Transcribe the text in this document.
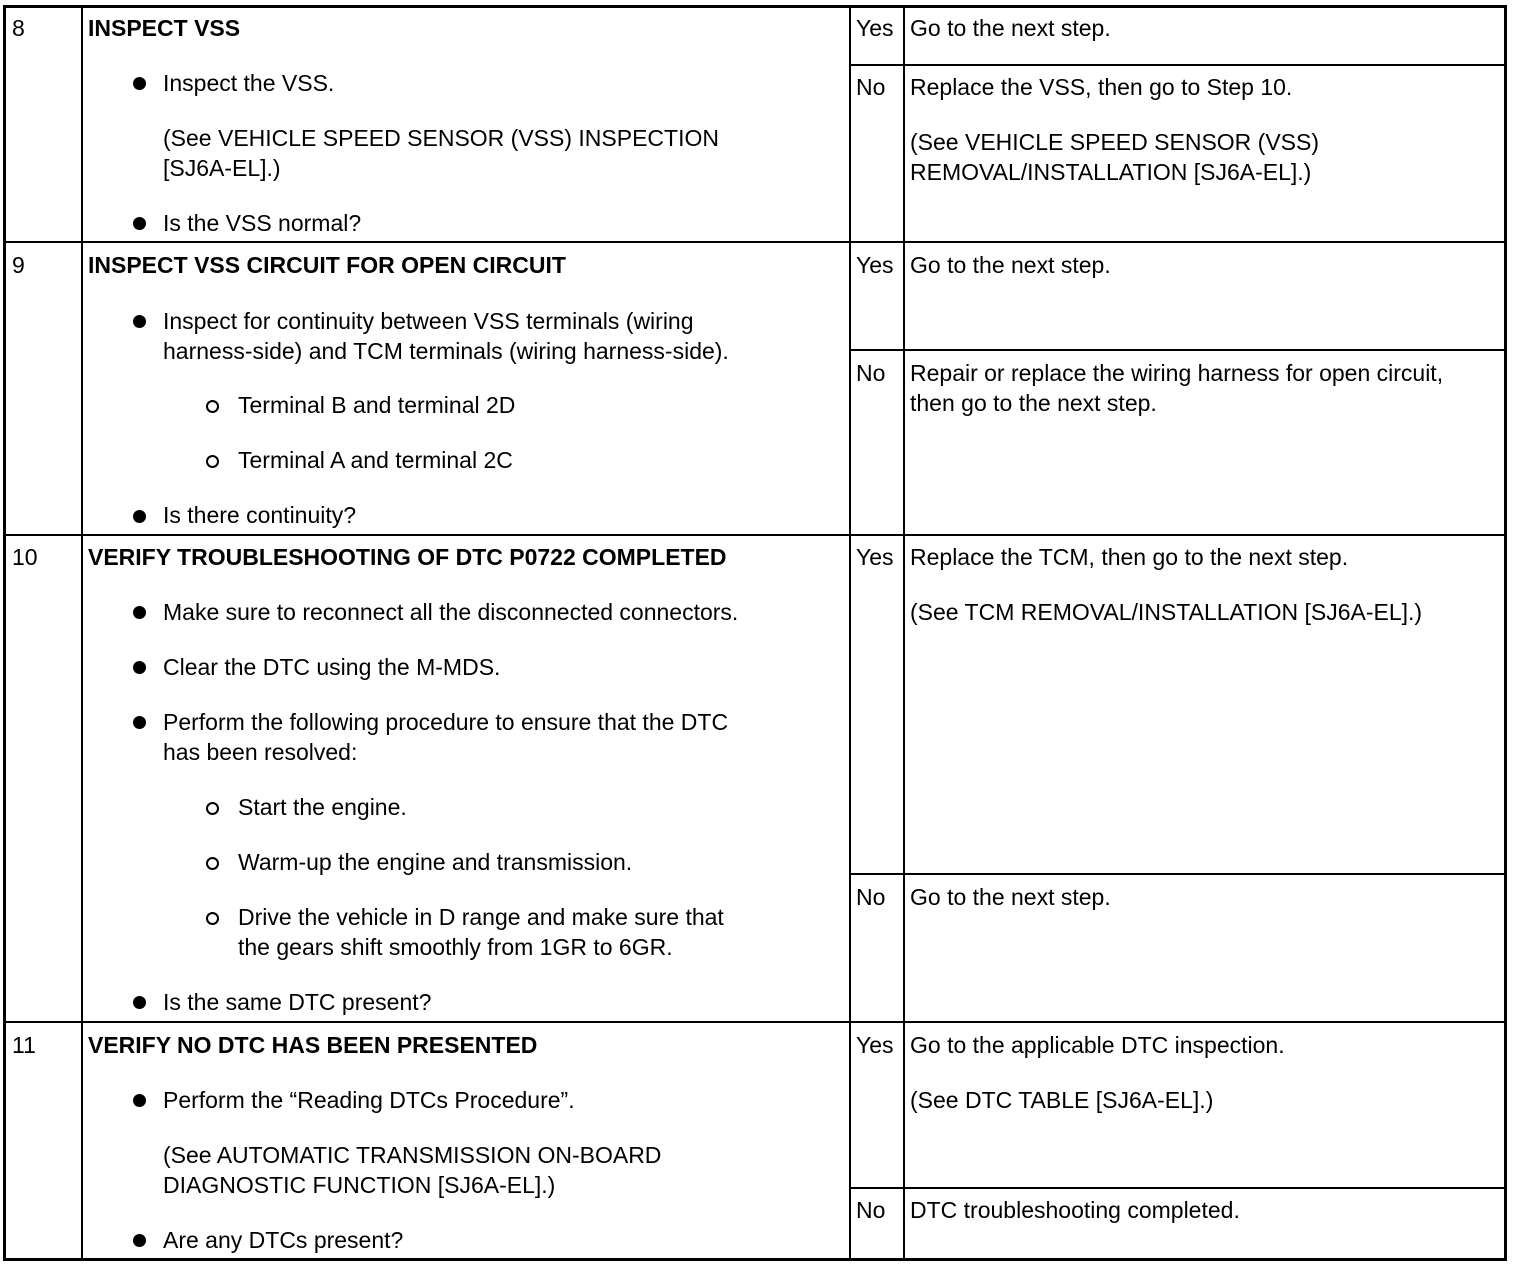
8	INSPECT VSS
Inspect the VSS.
(See VEHICLE SPEED SENSOR (VSS) INSPECTION
[SJ6A-EL].)
Is the VSS normal?
Yes Go to the next step.
No Replace the VSS, then go to Step 10.
(See VEHICLE SPEED SENSOR (VSS)
REMOVAL/INSTALLATION [SJ6A-EL].)
9	INSPECT VSS CIRCUIT FOR OPEN CIRCUIT
Inspect for continuity between VSS terminals (wiring
harness-side) and TCM terminals (wiring harness-side).
Terminal B and terminal 2D
Terminal A and terminal 2C
Is there continuity?
Yes Go to the next step.
No Repair or replace the wiring harness for open circuit,
then go to the next step.
10 VERIFY TROUBLESHOOTING OF DTC P0722 COMPLETED
Make sure to reconnect all the disconnected connectors.
Clear the DTC using the M-MDS.
Perform the following procedure to ensure that the DTC
has been resolved:
Start the engine.
Warm-up the engine and transmission.
Drive the vehicle in D range and make sure that
the gears shift smoothly from 1GR to 6GR.
Is the same DTC present?
Yes Replace the TCM, then go to the next step.
(See TCM REMOVAL/INSTALLATION [SJ6A-EL].)
No Go to the next step.
11 VERIFY NO DTC HAS BEEN PRESENTED
Perform the “Reading DTCs Procedure”.
(See AUTOMATIC TRANSMISSION ON-BOARD
DIAGNOSTIC FUNCTION [SJ6A-EL].)
Are any DTCs present?
Yes Go to the applicable DTC inspection.
(See DTC TABLE [SJ6A-EL].)
No DTC troubleshooting completed.
